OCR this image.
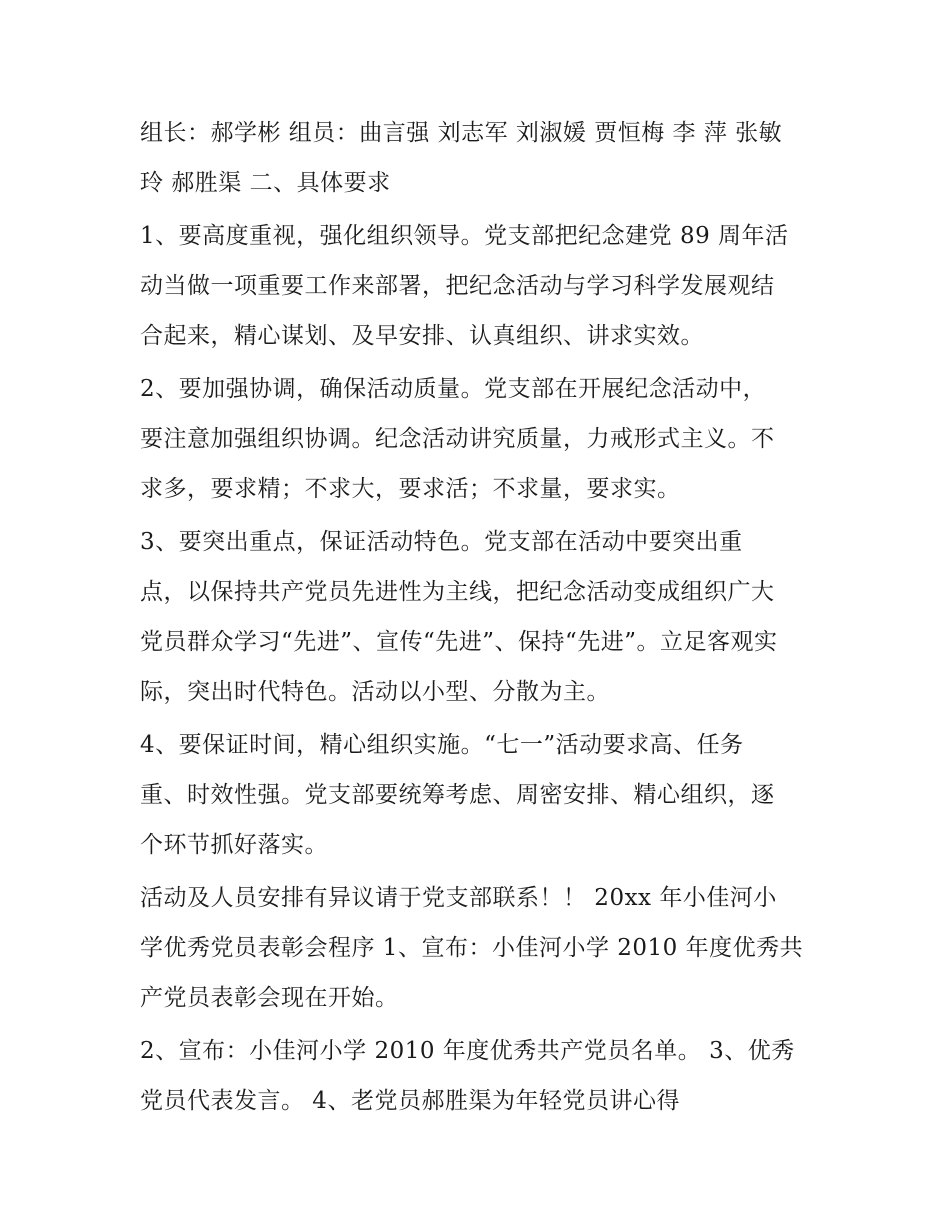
组长：郝学彬 组员：曲言强 刘志军 刘淑媛 贾恒梅 李 萍 张敏
玲 郝胜渠 二、具体要求
1、要高度重视，强化组织领导。党支部把纪念建党 89 周年活
动当做一项重要工作来部署，把纪念活动与学习科学发展观结
合起来，精心谋划、及早安排、认真组织、讲求实效。
2、要加强协调，确保活动质量。党支部在开展纪念活动中，
要注意加强组织协调。纪念活动讲究质量，力戒形式主义。不
求多，要求精；不求大，要求活；不求量，要求实。
3、要突出重点，保证活动特色。党支部在活动中要突出重
点，以保持共产党员先进性为主线，把纪念活动变成组织广大
党员群众学习“先进”、宣传“先进”、保持“先进”。立足客观实
际，突出时代特色。活动以小型、分散为主。
4、要保证时间，精心组织实施。“七一”活动要求高、任务
重、时效性强。党支部要统筹考虑、周密安排、精心组织，逐
个环节抓好落实。
活动及人员安排有异议请于党支部联系！！ 20xx 年小佳河小
学优秀党员表彰会程序 1、宣布：小佳河小学 2010 年度优秀共
产党员表彰会现在开始。
2、宣布：小佳河小学 2010 年度优秀共产党员名单。 3、优秀
党员代表发言。 4、老党员郝胜渠为年轻党员讲心得
